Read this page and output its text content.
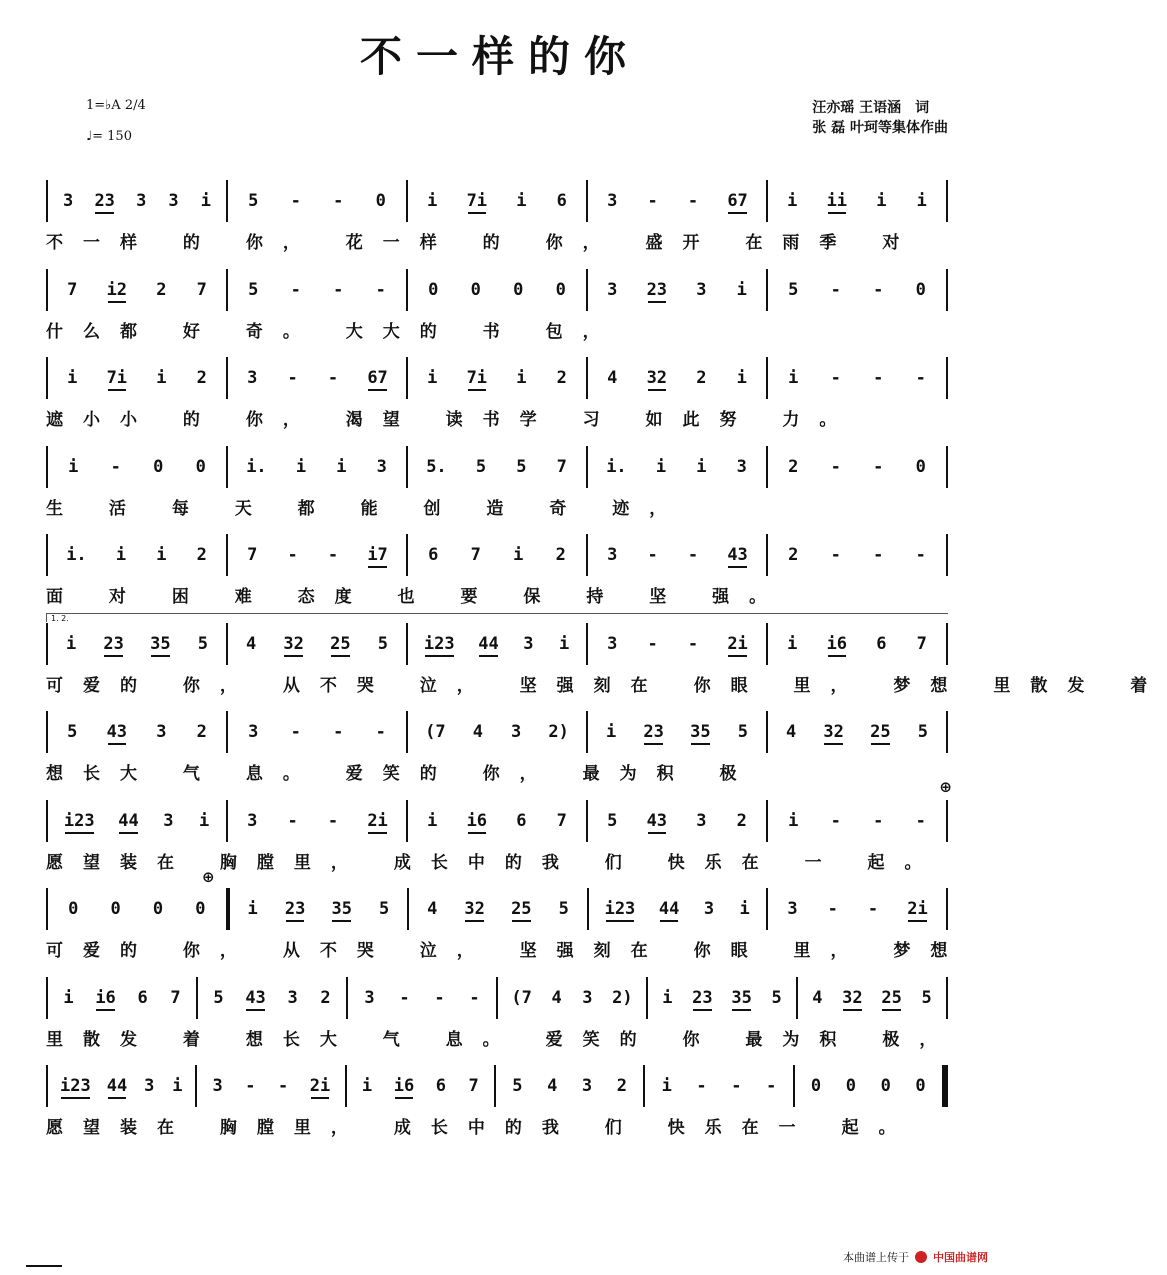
不一样的你
1=♭A 2/4
♩= 150
汪亦瑶 王语涵 词
张 磊 叶珂等集体作曲
3 23 3 3 i 5 - - 0 i 7i i 6 3 - - 67 i ii i i
不一样 的 你， 花一样 的 你， 盛开 在雨季 对
7 i2 2 7 5 - - - 0 0 0 0 3 23 3 i 5 - - 0
什么都 好 奇。 大大的 书 包，
i 7i i 2 3 - - 67 i 7i i 2 4 32 2 i i - - -
遮小小 的 你， 渴望 读书学 习 如此努 力。
i - 0 0 i. i i 3 5. 5 5 7 i. i i 3 2 - - 0
生 活 每 天 都 能 创 造 奇 迹，
i. i i 2 7 - - i7 6 7 i 2 3 - - 43 2 - - -
面 对 困 难 态度 也 要 保 持 坚 强。
i 23 35 5 4 32 25 5 i23 44 3 i 3 - - 2i i i6 6 7
1. 2.
可爱的 你， 从不哭 泣， 坚强刻在 你眼 里， 梦想 里散发 着
5 43 3 2 3 - - - (7 4 3 2) i 23 35 5 4 32 25 5
想长大 气 息。 爱笑的 你， 最为积 极
i23 44 3 i 3 - - 2i i i6 6 7 5 43 3 2 i - - -
⊕
愿望装在 胸膛里， 成长中的我 们 快乐在 一 起。
0 0 0 0 i 23 35 5 4 32 25 5 i23 44 3 i 3 - - 2i
⊕
可爱的 你， 从不哭 泣， 坚强刻在 你眼 里， 梦想
i i6 6 7 5 43 3 2 3 - - - (7 4 3 2) i 23 35 5 4 32 25 5
里散发 着 想长大 气 息。 爱笑的 你 最为积 极，
i23 44 3 i 3 - - 2i i i6 6 7 5 4 3 2 i - - - 0 0 0 0
愿望装在 胸膛里， 成长中的我 们 快乐在一 起。
本曲谱上传于 中国曲谱网
